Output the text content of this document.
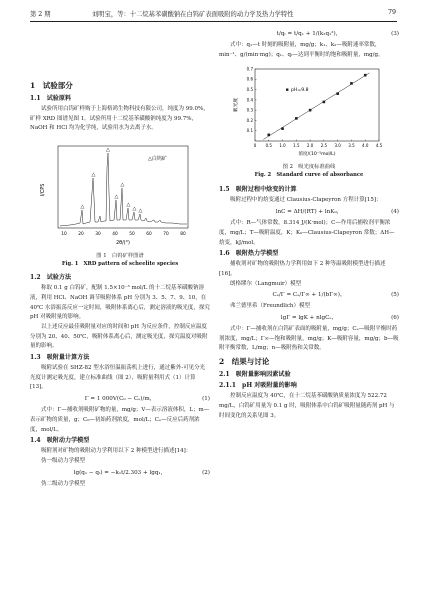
第 2 期	刘明宝，等：十二烷基苯磺酸钠在白钨矿表面吸附的动力学及热力学特性	79
1　试验部分
1.1　试验原料

试验所用白钨矿样购于上海格鸿生物科技有限公司，纯度为 99.0%，矿样 XRD 图谱见图 1。试验所用十二烷基苯磺酸钠纯度为 99.7%，NaOH 和 HCl 均为化学纯，试验用水为去离子水。

I/CPS
△白钨矿
△
△
△
△
△
△
△ △
10	20	30	40	50	60	70	80
2θ/(°)
图 1　白钨矿样图谱
Fig. 1　XRD pattern of scheelite species
1.2　试验方法

称取 0.1 g 白钨矿，配制 1.5×10⁻³ mol/L 的十二烷基苯磺酸钠溶液，利用 HCl、NaOH 调节吸附体系 pH 分别为 3、5、7、9、10，在 40℃ 水浴振荡反应一定时间，吸附体系离心后，测定溶液的吸光度，探究 pH 对吸附量的影响。

以上述反应最佳吸附量对应的时间和 pH 为反应条件，控制反应温度分别为 20、40、50℃，吸附体系离心后，测定吸光度，探究温度对吸附量的影响。

1.3　吸附量计算方法

吸附试验在 SHZ-82 型水浴恒温振荡机上进行，通过紫外-可见分光光度计测定吸光度，建立标准曲线（图 2），吸附量利用式（1）计算[13]。

Γ = 1 000V(C₀ − Cₑ)/m，	(1)

式中：Γ—捕收剂吸附矿物的量，mg/g；V—表示溶液体积，L；m—表示矿物的质量，g；C₀—初始药剂浓度，mol/L；Cₑ—反应后药剂浓度，mol/L。

1.4　吸附动力学模型

吸附剂对矿物的吸附动力学利用以下 2 种模型进行描述[14]：

伪一级动力学模型

lg(q₁ − qₜ) = −k₁t/2.303 + lgq₁，	(2)

伪二级动力学模型

t/qₜ = t/q₁ + 1/(k₂q₁²)，	(3)

式中：q₁—t 时刻的吸附量，mg/g；k₁、k₂—吸附速率常数，min⁻¹、g/(min·mg)；q₁、qₜ—达到平衡时的饱和吸附量，mg/g。

吸光度
pH=9.8
0 0.5 1.0 1.5 2.0 2.5 3.0 3.5 4.0 4.5
0.1
0.2
0.3
0.4
0.5
0.6
0.7
浓度/(10⁻⁵mol/L)
图 2　吸光度标准曲线
Fig. 2　Standard curve of absorbance
1.5　吸附过程中焓变的计算

吸附过程中的焓变通过 Clausius-Clapeyron 方程计算[15]：

lnC = ΔH/(RT) + lnK₀，	(4)

式中：R—气体常数，8.314 J/(K·mol)；C—作用后捕收剂平衡浓度，mg/L；T—吸附温度，K；K₀—Clausius-Clapeyron 常数；ΔH—焓变，kJ/mol。

1.6　吸附热力学模型

捕收剂对矿物的吸附热力学利用如下 2 种等温吸附模型进行描述[16]。

朗格缪尔（Langmuir）模型

Cₑ/Γ = Cₑ/Γ∞ + 1/(bΓ∞)，	(5)

弗兰德里希（Freundlich）模型

lgΓ = lgK + nlgCₑ，	(6)

式中：Γ—捕收剂在白钨矿表面的吸附量，mg/g；Cₑ—吸附平衡时药剂浓度，mg/L；Γ∞—饱和吸附量，mg/g；K—吸附容量，mg/g；b—吸附平衡常数，L/mg；n—吸附热和关常数。

2　结果与讨论
2.1　吸附量影响因素试验
2.1.1　pH 对吸附量的影响

控制反应温度为 40℃，在十二烷基苯磺酸钠质量浓度为 522.72 mg/L，白钨矿用量为 0.1 g 时，吸附体系中白钨矿吸附量随药剂 pH 与时间变化的关系见图 3。
